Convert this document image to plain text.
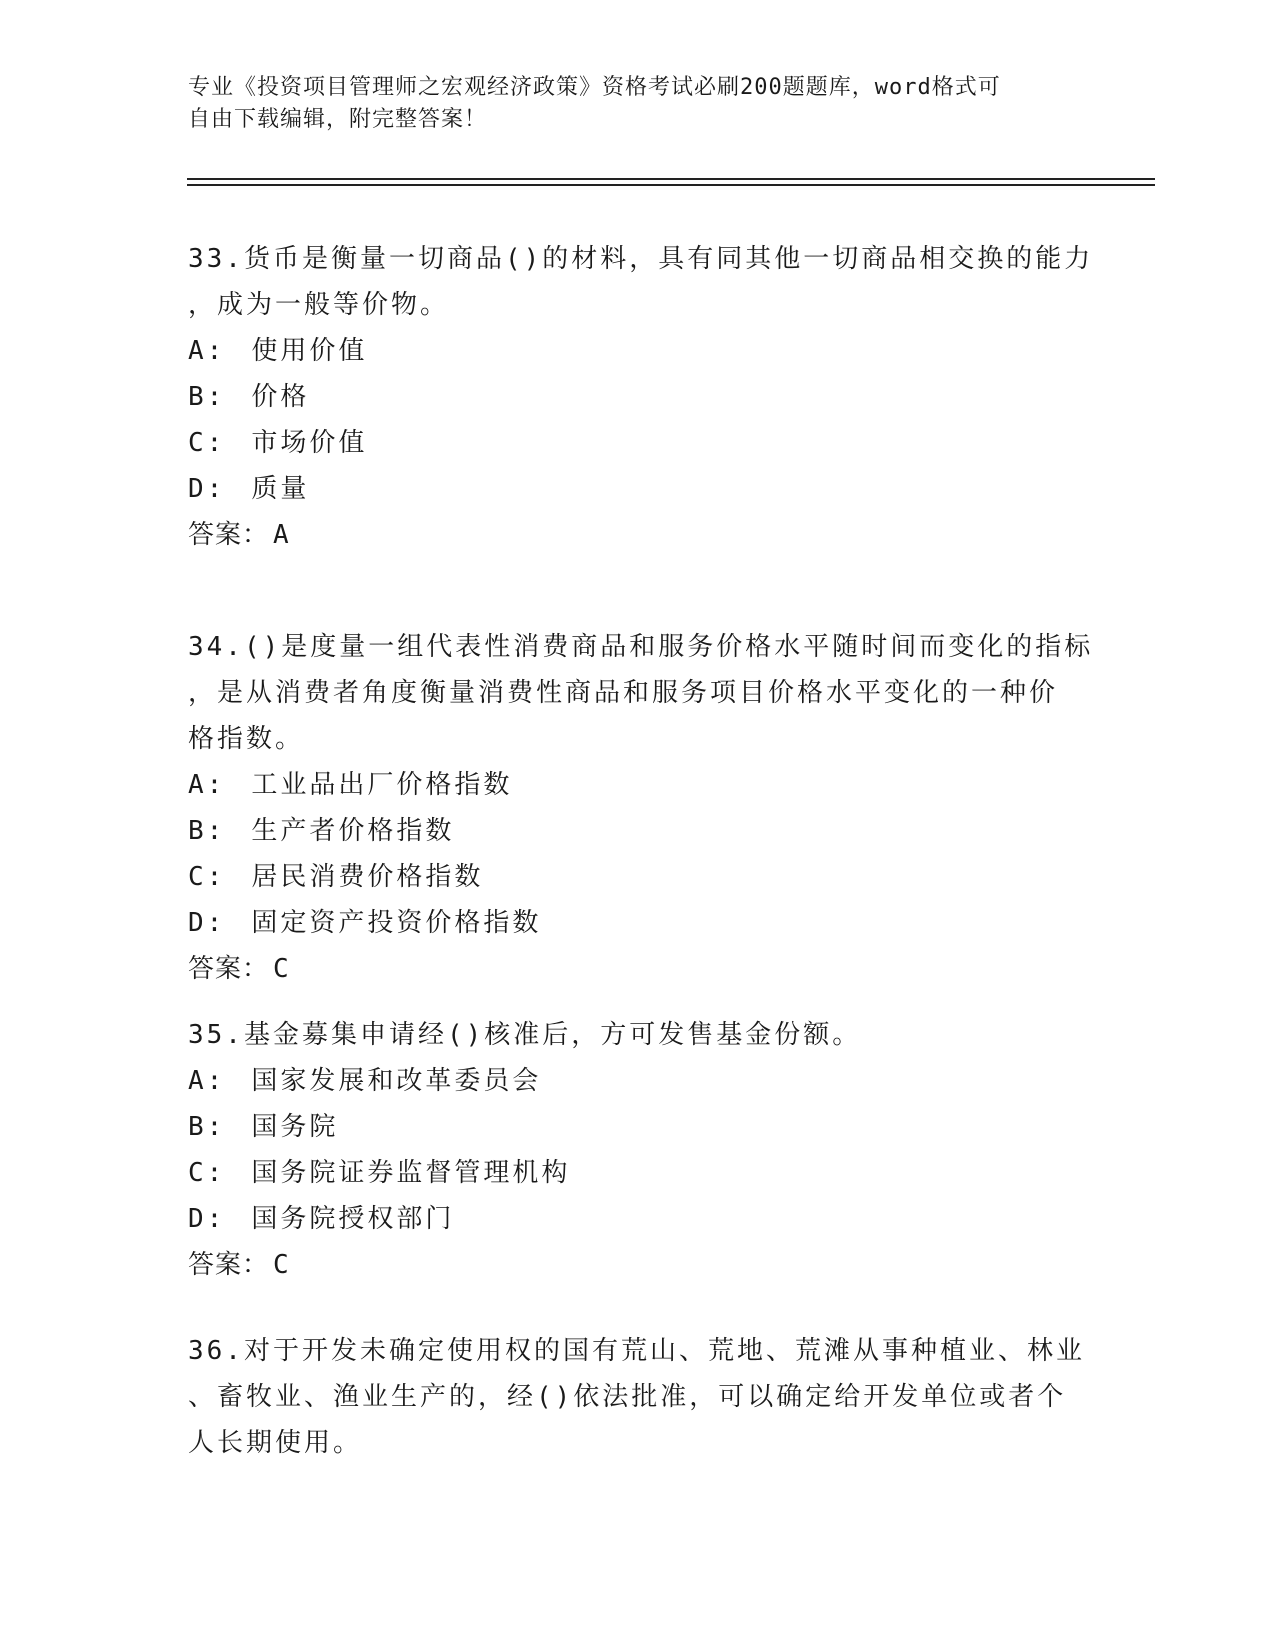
专业《投资项目管理师之宏观经济政策》资格考试必刷200题题库，word格式可
自由下载编辑，附完整答案！
33.货币是衡量一切商品()的材料，具有同其他一切商品相交换的能力
，成为一般等价物。
A: 使用价值
B: 价格
C: 市场价值
D: 质量
答案： A
34.()是度量一组代表性消费商品和服务价格水平随时间而变化的指标
，是从消费者角度衡量消费性商品和服务项目价格水平变化的一种价
格指数。
A: 工业品出厂价格指数
B: 生产者价格指数
C: 居民消费价格指数
D: 固定资产投资价格指数
答案： C
35.基金募集申请经()核准后，方可发售基金份额。
A: 国家发展和改革委员会
B: 国务院
C: 国务院证券监督管理机构
D: 国务院授权部门
答案： C
36.对于开发未确定使用权的国有荒山、荒地、荒滩从事种植业、林业
、畜牧业、渔业生产的，经()依法批准，可以确定给开发单位或者个
人长期使用。
